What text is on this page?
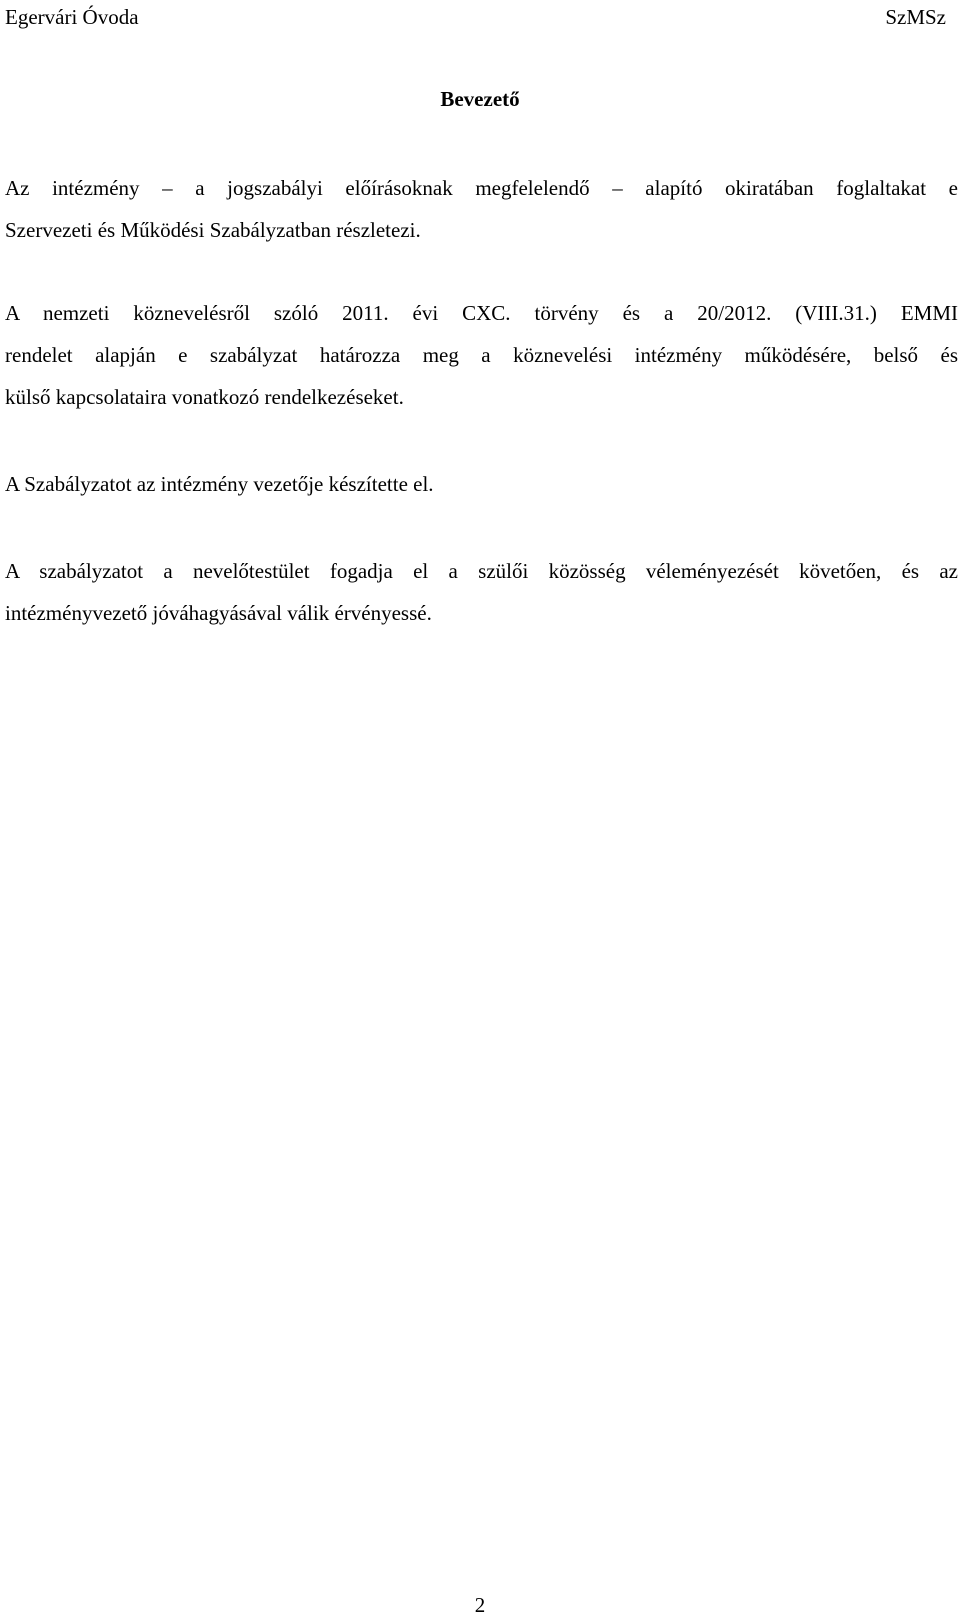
Egervári Óvoda	SzMSz
Bevezető
Az intézmény – a jogszabályi előírásoknak megfelelendő – alapító okiratában foglaltakat e
Szervezeti és Működési Szabályzatban részletezi.
A nemzeti köznevelésről szóló 2011. évi CXC. törvény és a 20/2012. (VIII.31.) EMMI
rendelet alapján e szabályzat határozza meg a köznevelési intézmény működésére, belső és
külső kapcsolataira vonatkozó rendelkezéseket.
A Szabályzatot az intézmény vezetője készítette el.
A szabályzatot a nevelőtestület fogadja el a szülői közösség véleményezését követően, és az
intézményvezető jóváhagyásával válik érvényessé.
2
